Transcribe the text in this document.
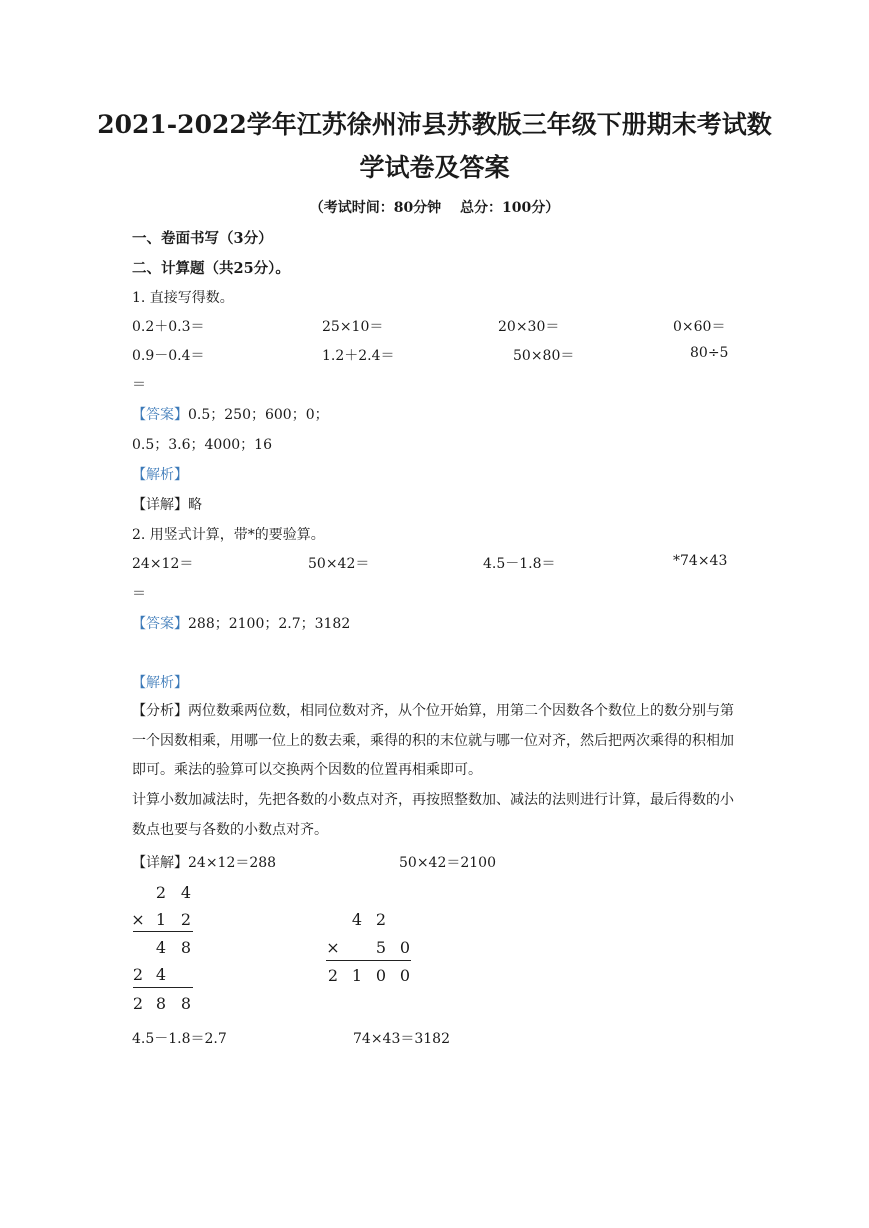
2021-2022学年江苏徐州沛县苏教版三年级下册期末考试数
学试卷及答案
（考试时间：80分钟　 总分：100分）
一、卷面书写（3分）
二、计算题（共25分）。
1. 直接写得数。
0.2＋0.3＝	25×10＝	20×30＝	0×60＝
0.9－0.4＝	1.2＋2.4＝	50×80＝	80÷5
＝
【答案】0.5；250；600；0；
0.5；3.6；4000；16
【解析】
【详解】略
2. 用竖式计算，带*的要验算。
24×12＝	50×42＝	4.5－1.8＝	*74×43
＝
【答案】288；2100；2.7；3182
【解析】
【分析】两位数乘两位数，相同位数对齐，从个位开始算，用第二个因数各个数位上的数分别与第一个因数相乘，用哪一位上的数去乘，乘得的积的末位就与哪一位对齐，然后把两次乘得的积相加即可。乘法的验算可以交换两个因数的位置再相乘即可。
计算小数加减法时，先把各数的小数点对齐，再按照整数加、减法的法则进行计算，最后得数的小数点也要与各数的小数点对齐。
【详解】24×12＝288	50×42＝2100
2 4
× 1 2
4 8
2 4
2 8 8
4 2
× 5 0
2 1 0 0
4.5－1.8＝2.7	74×43＝3182
